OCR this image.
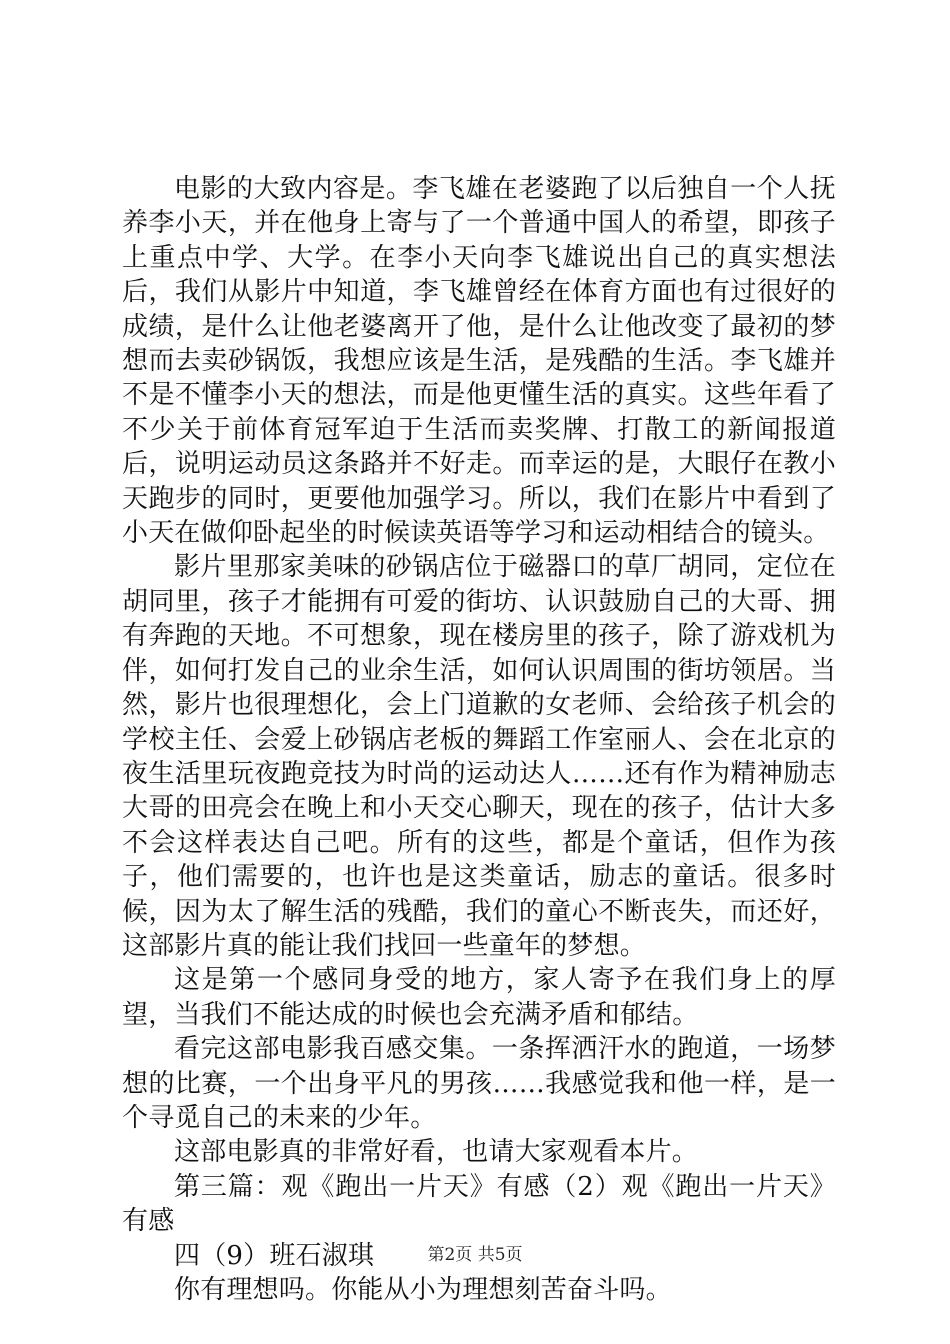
电影的大致内容是。李飞雄在老婆跑了以后独自一个人抚养李小天，并在他身上寄与了一个普通中国人的希望，即孩子上重点中学、大学。在李小天向李飞雄说出自己的真实想法后，我们从影片中知道，李飞雄曾经在体育方面也有过很好的成绩，是什么让他老婆离开了他，是什么让他改变了最初的梦想而去卖砂锅饭，我想应该是生活，是残酷的生活。李飞雄并不是不懂李小天的想法，而是他更懂生活的真实。这些年看了不少关于前体育冠军迫于生活而卖奖牌、打散工的新闻报道后，说明运动员这条路并不好走。而幸运的是，大眼仔在教小天跑步的同时，更要他加强学习。所以，我们在影片中看到了小天在做仰卧起坐的时候读英语等学习和运动相结合的镜头。

影片里那家美味的砂锅店位于磁器口的草厂胡同，定位在胡同里，孩子才能拥有可爱的街坊、认识鼓励自己的大哥、拥有奔跑的天地。不可想象，现在楼房里的孩子，除了游戏机为伴，如何打发自己的业余生活，如何认识周围的街坊领居。当然，影片也很理想化，会上门道歉的女老师、会给孩子机会的学校主任、会爱上砂锅店老板的舞蹈工作室丽人、会在北京的夜生活里玩夜跑竞技为时尚的运动达人……还有作为精神励志大哥的田亮会在晚上和小天交心聊天，现在的孩子，估计大多不会这样表达自己吧。所有的这些，都是个童话，但作为孩子，他们需要的，也许也是这类童话，励志的童话。很多时候，因为太了解生活的残酷，我们的童心不断丧失，而还好，这部影片真的能让我们找回一些童年的梦想。

这是第一个感同身受的地方，家人寄予在我们身上的厚望，当我们不能达成的时候也会充满矛盾和郁结。

看完这部电影我百感交集。一条挥洒汗水的跑道，一场梦想的比赛，一个出身平凡的男孩……我感觉我和他一样，是一个寻觅自己的未来的少年。

这部电影真的非常好看，也请大家观看本片。

第三篇：观《跑出一片天》有感（2）观《跑出一片天》有感

四（9）班石淑琪

你有理想吗。你能从小为理想刻苦奋斗吗。

第2页 共5页
